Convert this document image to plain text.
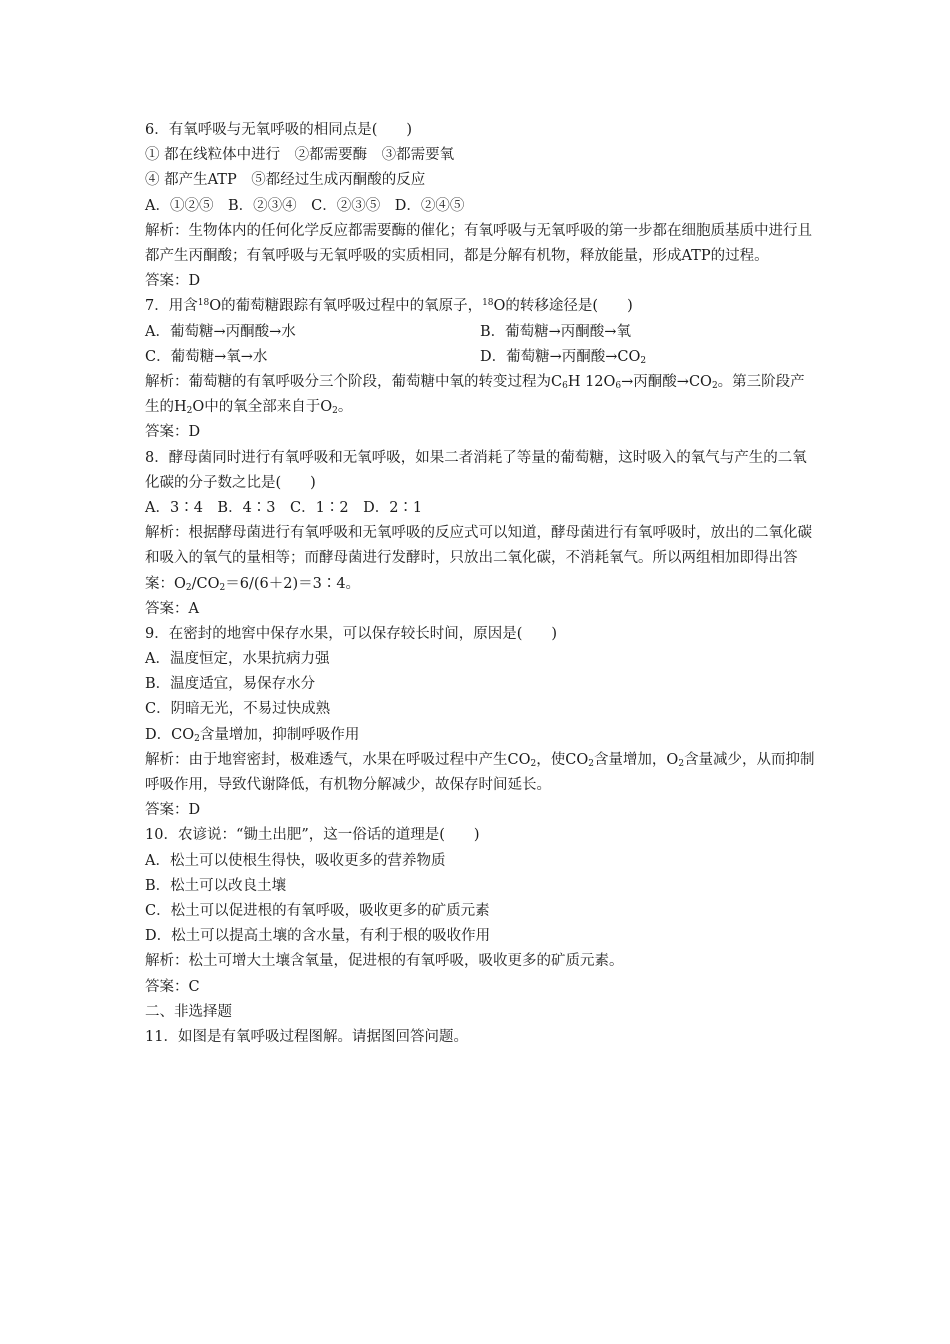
6．有氧呼吸与无氧呼吸的相同点是(　　)
① 都在线粒体中进行　②都需要酶　③都需要氧
④ 都产生ATP　⑤都经过生成丙酮酸的反应
A．①②⑤　B．②③④　C．②③⑤　D．②④⑤
解析：生物体内的任何化学反应都需要酶的催化；有氧呼吸与无氧呼吸的第一步都在细胞质基质中进行且都产生丙酮酸；有氧呼吸与无氧呼吸的实质相同，都是分解有机物，释放能量，形成ATP的过程。
答案：D
7．用含$^{18}$O的葡萄糖跟踪有氧呼吸过程中的氧原子，$^{18}$O的转移途径是(　　)
A．葡萄糖→丙酮酸→水	B．葡萄糖→丙酮酸→氧
C．葡萄糖→氧→水	D．葡萄糖→丙酮酸$\to CO_2$
解析：葡萄糖的有氧呼吸分三个阶段，葡萄糖中氧的转变过程为$C_6H$ $12O_6\to$丙酮酸$\to CO_2$。第三阶段产生的$H_2O$中的氧全部来自于$O_2$。
答案：D
8．酵母菌同时进行有氧呼吸和无氧呼吸，如果二者消耗了等量的葡萄糖，这时吸入的氧气与产生的二氧化碳的分子数之比是(　　)
A．3∶4　B．4∶3　C．1∶2　D．2∶1
解析：根据酵母菌进行有氧呼吸和无氧呼吸的反应式可以知道，酵母菌进行有氧呼吸时，放出的二氧化碳和吸入的氧气的量相等；而酵母菌进行发酵时，只放出二氧化碳，不消耗氧气。所以两组相加即得出答案：$O_2/CO_2=6/(6+2)=3∶4$。
答案：A
9．在密封的地窖中保存水果，可以保存较长时间，原因是(　　)
A．温度恒定，水果抗病力强
B．温度适宜，易保存水分
C．阴暗无光，不易过快成熟
D．$CO_2$含量增加，抑制呼吸作用
解析：由于地窖密封，极难透气，水果在呼吸过程中产生$CO_2$，使$CO_2$含量增加，$O_2$含量减少，从而抑制呼吸作用，导致代谢降低，有机物分解减少，故保存时间延长。
答案：D
10．农谚说：“锄土出肥”，这一俗话的道理是(　　)
A．松土可以使根生得快，吸收更多的营养物质
B．松土可以改良土壤
C．松土可以促进根的有氧呼吸，吸收更多的矿质元素
D．松土可以提高土壤的含水量，有利于根的吸收作用
解析：松土可增大土壤含氧量，促进根的有氧呼吸，吸收更多的矿质元素。
答案：C
二、非选择题
11．如图是有氧呼吸过程图解。请据图回答问题。
